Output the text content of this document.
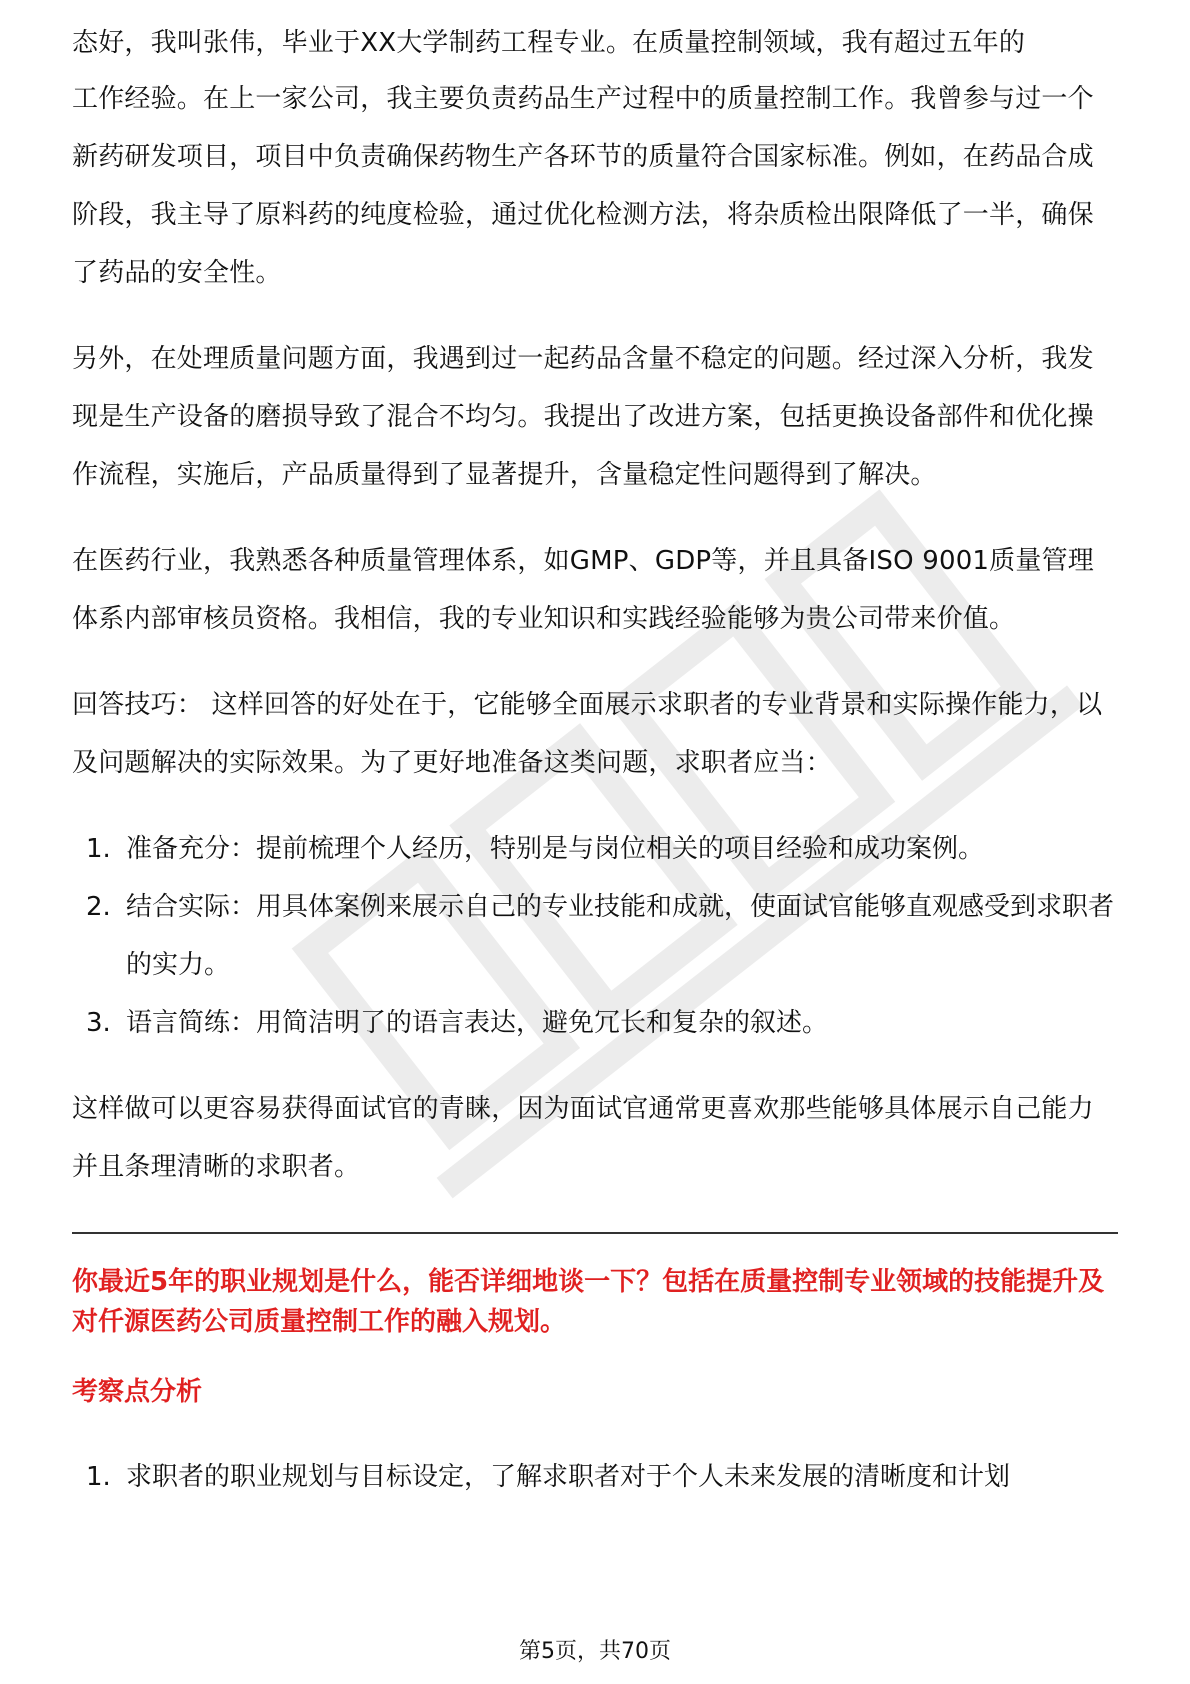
态好，我叫张伟，毕业于XX大学制药工程专业。在质量控制领域，我有超过五年的

工作经验。在上一家公司，我主要负责药品生产过程中的质量控制工作。我曾参与过一个新药研发项目，项目中负责确保药物生产各环节的质量符合国家标准。例如，在药品合成阶段，我主导了原料药的纯度检验，通过优化检测方法，将杂质检出限降低了一半，确保了药品的安全性。

另外，在处理质量问题方面，我遇到过一起药品含量不稳定的问题。经过深入分析，我发现是生产设备的磨损导致了混合不均匀。我提出了改进方案，包括更换设备部件和优化操作流程，实施后，产品质量得到了显著提升，含量稳定性问题得到了解决。

在医药行业，我熟悉各种质量管理体系，如GMP、GDP等，并且具备ISO 9001质量管理体系内部审核员资格。我相信，我的专业知识和实践经验能够为贵公司带来价值。

回答技巧： 这样回答的好处在于，它能够全面展示求职者的专业背景和实际操作能力，以及问题解决的实际效果。为了更好地准备这类问题，求职者应当：

1. 准备充分：提前梳理个人经历，特别是与岗位相关的项目经验和成功案例。
2. 结合实际：用具体案例来展示自己的专业技能和成就，使面试官能够直观感受到求职者的实力。
3. 语言简练：用简洁明了的语言表达，避免冗长和复杂的叙述。

这样做可以更容易获得面试官的青睐，因为面试官通常更喜欢那些能够具体展示自己能力并且条理清晰的求职者。

你最近5年的职业规划是什么，能否详细地谈一下？包括在质量控制专业领域的技能提升及对仟源医药公司质量控制工作的融入规划。

考察点分析

1. 求职者的职业规划与目标设定，了解求职者对于个人未来发展的清晰度和计划
第5页，共70页
